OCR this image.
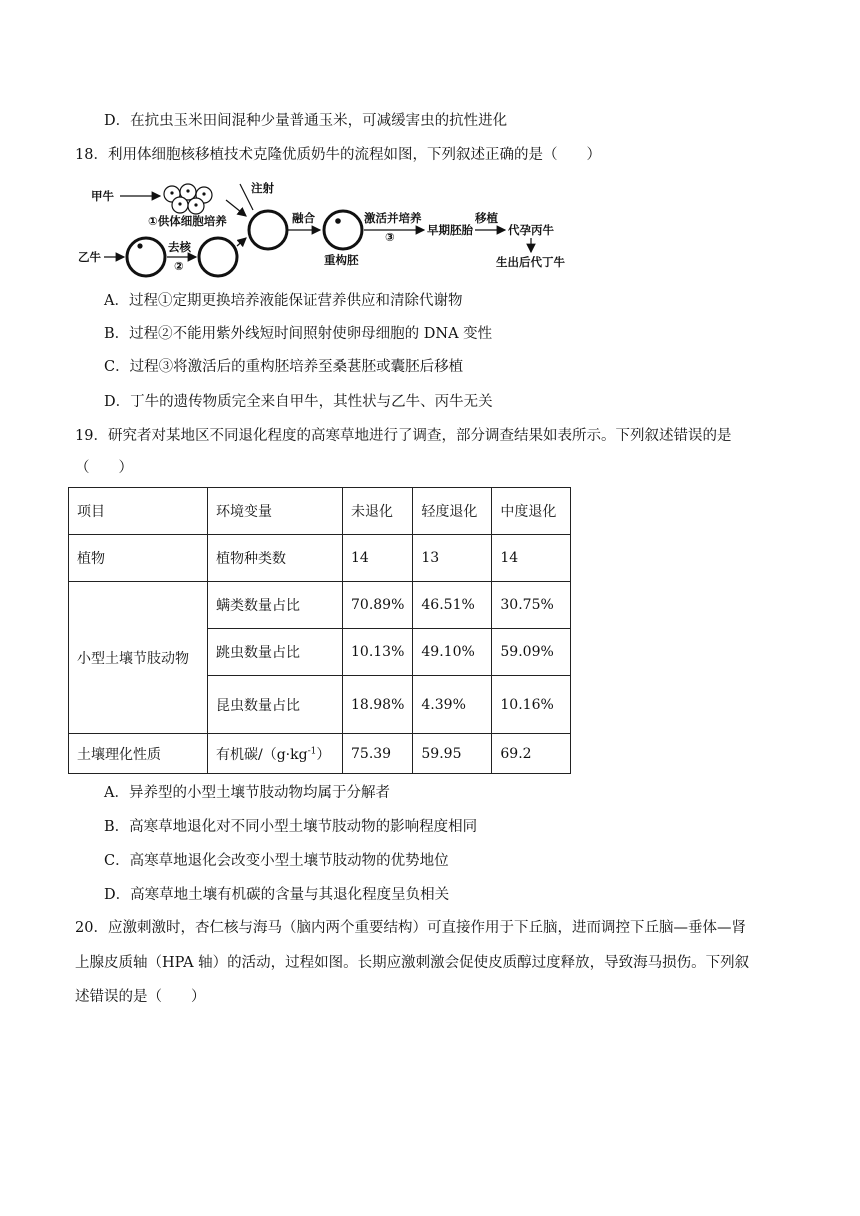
D．在抗虫玉米田间混种少量普通玉米，可减缓害虫的抗性进化
18．利用体细胞核移植技术克隆优质奶牛的流程如图，下列叙述正确的是（　　）
甲牛
①供体细胞培养
乙牛
去核
②
注射
融合
重构胚
激活并培养
③	早期胚胎
移植
代孕丙牛
生出后代丁牛
A．过程①定期更换培养液能保证营养供应和清除代谢物
B．过程②不能用紫外线短时间照射使卵母细胞的 DNA 变性
C．过程③将激活后的重构胚培养至桑葚胚或囊胚后移植
D．丁牛的遗传物质完全来自甲牛，其性状与乙牛、丙牛无关
19．研究者对某地区不同退化程度的高寒草地进行了调查，部分调查结果如表所示。下列叙述错误的是
（　　）
项目	环境变量	未退化	轻度退化	中度退化
植物	植物种类数	14	13	14
小型土壤节肢动物	螨类数量占比	70.89%	46.51%	30.75%
	跳虫数量占比	10.13%	49.10%	59.09%
	昆虫数量占比	18.98%	4.39%	10.16%
土壤理化性质	有机碳$/(g\cdot kg^{-1})$	75.39	59.95	69.2
A．异养型的小型土壤节肢动物均属于分解者
B．高寒草地退化对不同小型土壤节肢动物的影响程度相同
C．高寒草地退化会改变小型土壤节肢动物的优势地位
D．高寒草地土壤有机碳的含量与其退化程度呈负相关
20．应激刺激时，杏仁核与海马（脑内两个重要结构）可直接作用于下丘脑，进而调控下丘脑—垂体—肾
上腺皮质轴（HPA 轴）的活动，过程如图。长期应激刺激会促使皮质醇过度释放，导致海马损伤。下列叙
述错误的是（　　）
